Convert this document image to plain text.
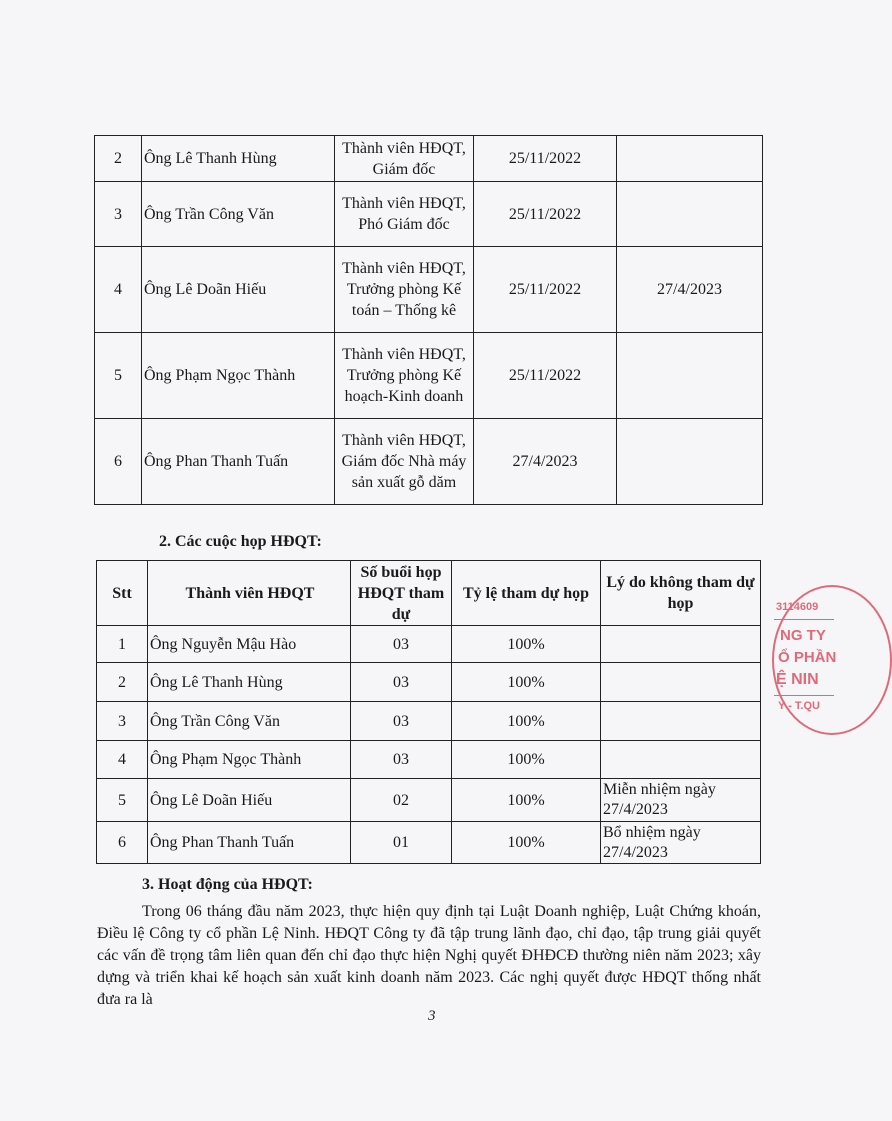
2	Ông Lê Thanh Hùng	Thành viên HĐQT, Giám đốc	25/11/2022	
3	Ông Trần Công Văn	Thành viên HĐQT, Phó Giám đốc	25/11/2022	
4	Ông Lê Doãn Hiếu	Thành viên HĐQT, Trưởng phòng Kế toán – Thống kê	25/11/2022	27/4/2023
5	Ông Phạm Ngọc Thành	Thành viên HĐQT, Trưởng phòng Kế hoạch-Kinh doanh	25/11/2022	
6	Ông Phan Thanh Tuấn	Thành viên HĐQT, Giám đốc Nhà máy sản xuất gỗ dăm	27/4/2023	
2. Các cuộc họp HĐQT:
Stt	Thành viên HĐQT	Số buổi họp HĐQT tham dự	Tỷ lệ tham dự họp	Lý do không tham dự họp
1	Ông Nguyễn Mậu Hào	03	100%	
2	Ông Lê Thanh Hùng	03	100%	
3	Ông Trần Công Văn	03	100%	
4	Ông Phạm Ngọc Thành	03	100%	
5	Ông Lê Doãn Hiếu	02	100%	Miễn nhiệm ngày 27/4/2023
6	Ông Phan Thanh Tuấn	01	100%	Bổ nhiệm ngày 27/4/2023
3. Hoạt động của HĐQT:

Trong 06 tháng đầu năm 2023, thực hiện quy định tại Luật Doanh nghiệp, Luật Chứng khoán, Điều lệ Công ty cổ phần Lệ Ninh. HĐQT Công ty đã tập trung lãnh đạo, chỉ đạo, tập trung giải quyết các vấn đề trọng tâm liên quan đến chỉ đạo thực hiện Nghị quyết ĐHĐCĐ thường niên năm 2023; xây dựng và triển khai kế hoạch sản xuất kinh doanh năm 2023. Các nghị quyết được HĐQT thống nhất đưa ra là

3
3114609
NG TY
Ổ PHẦN
Ệ NIN
Y - T.QU
